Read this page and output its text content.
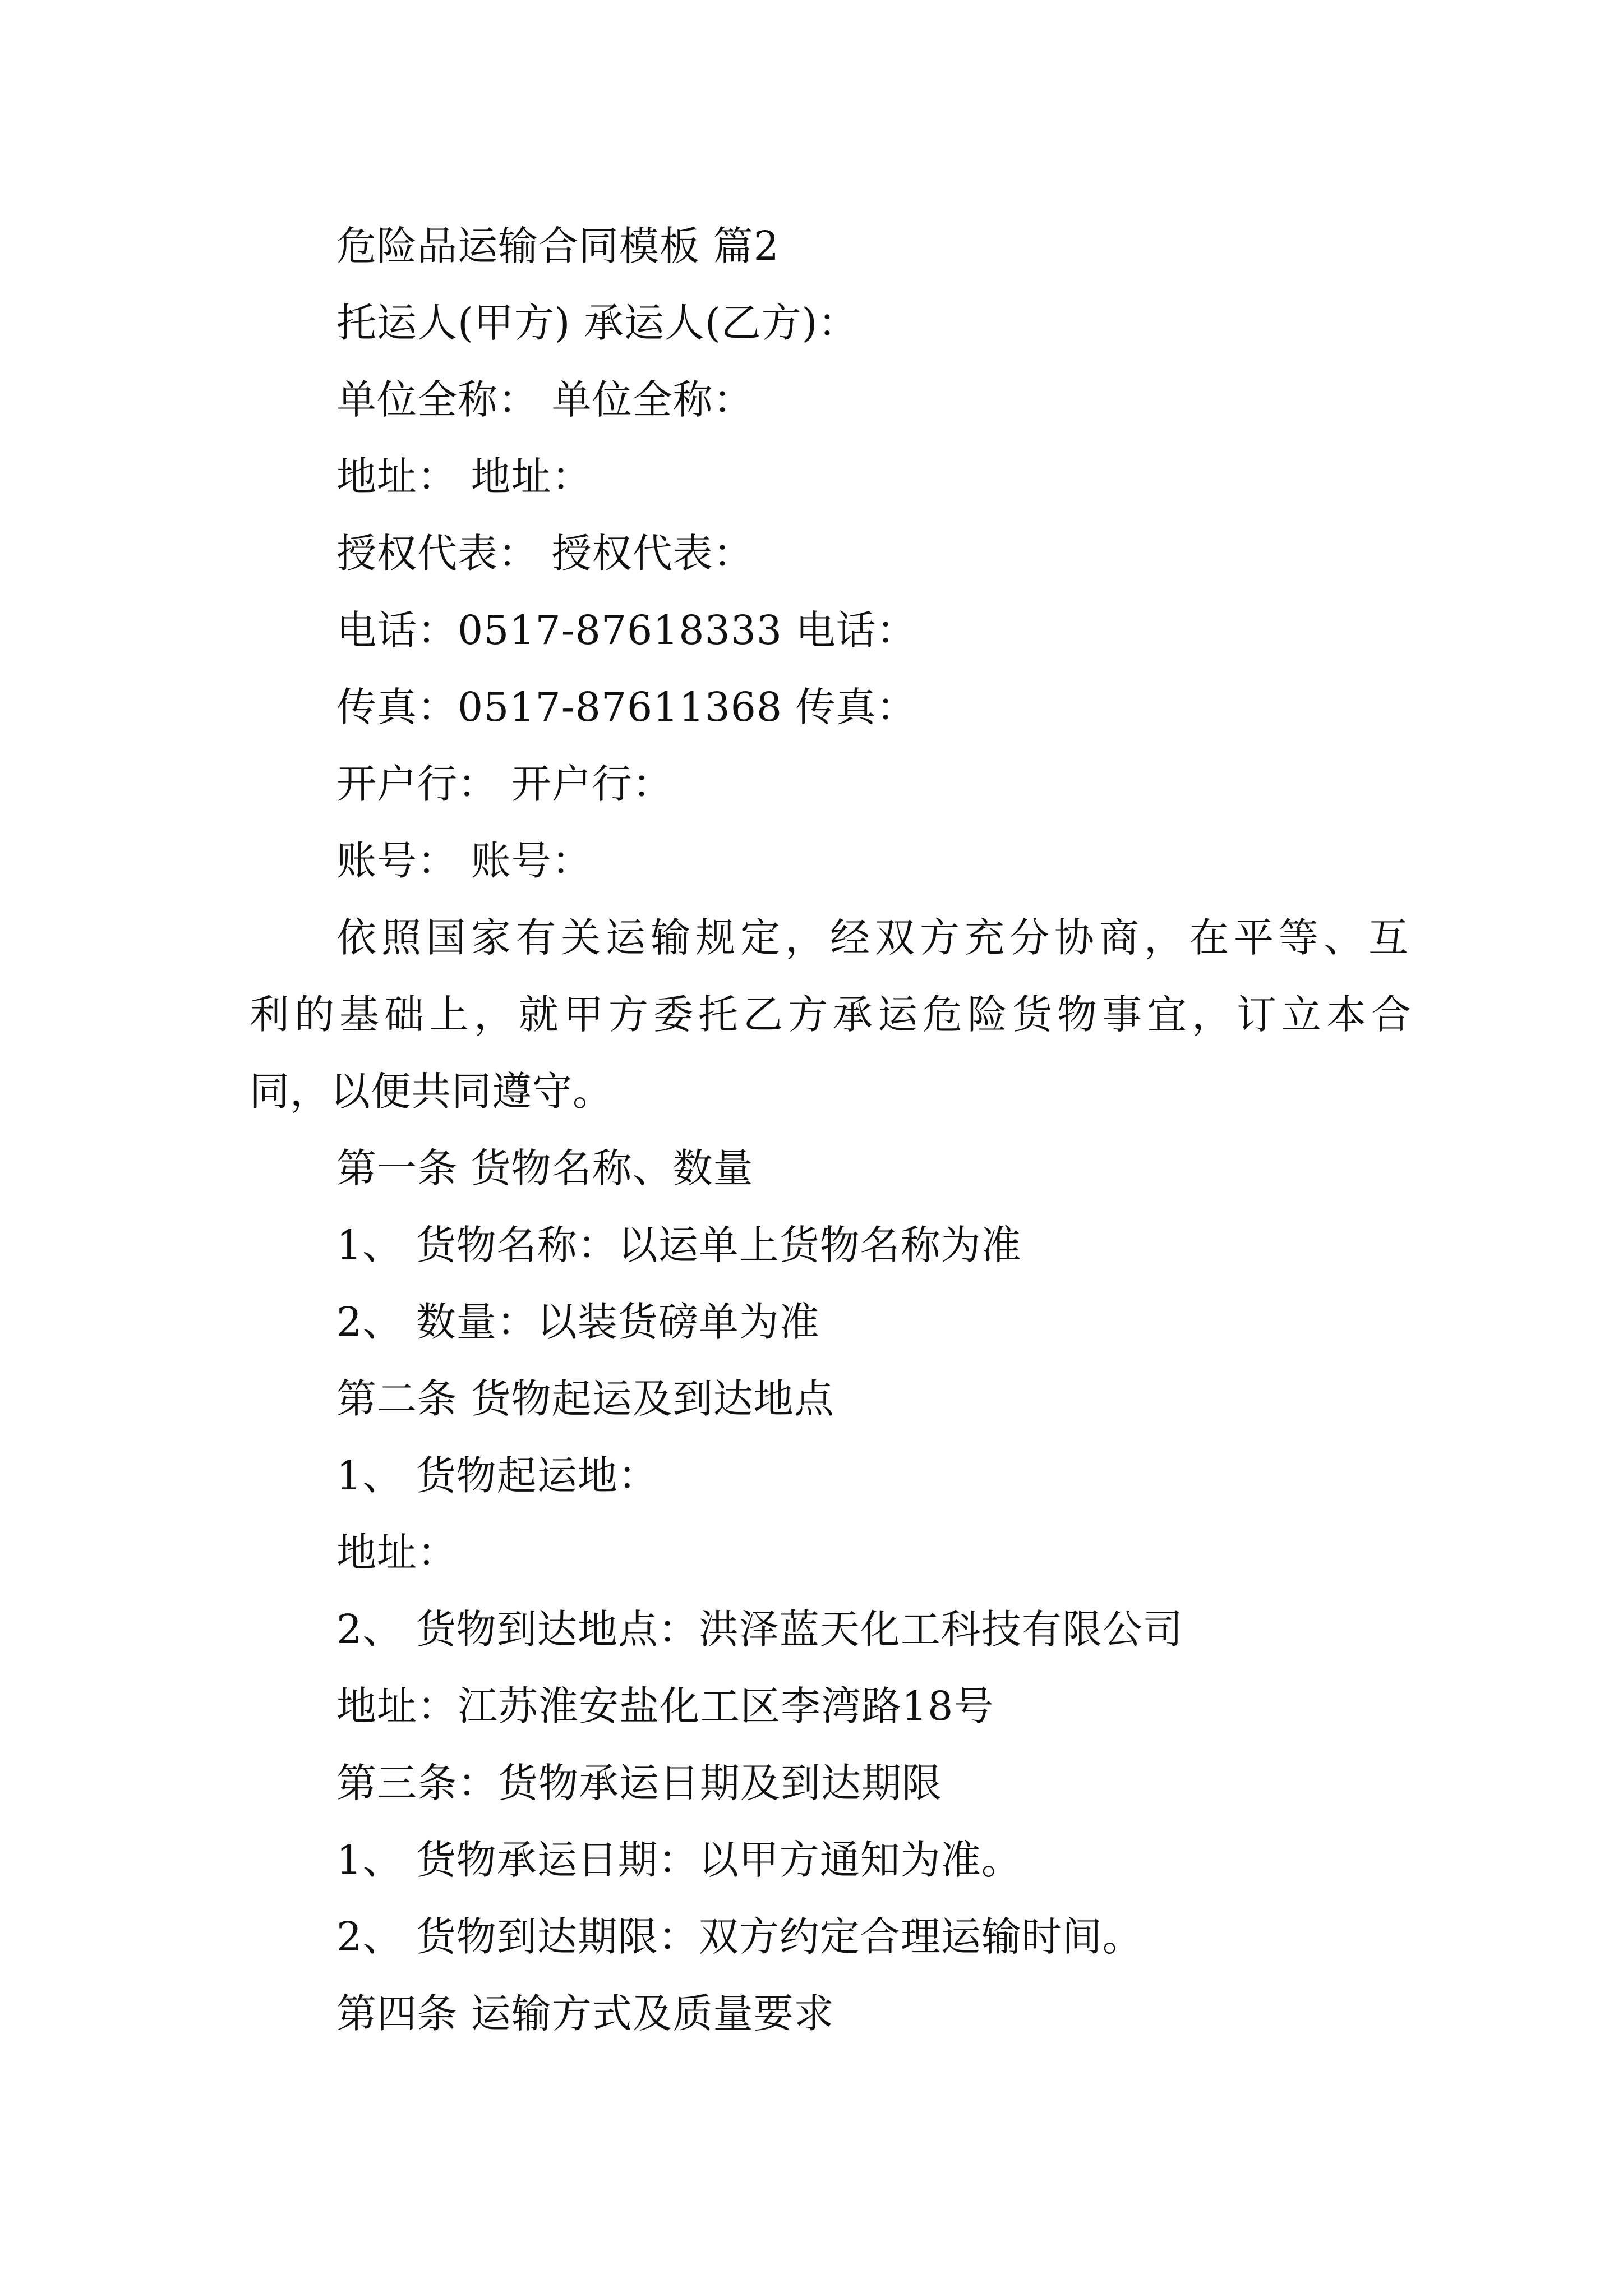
危险品运输合同模板 篇2
托运人(甲方) 承运人(乙方)：
单位全称： 单位全称：
地址： 地址：
授权代表： 授权代表：
电话：0517-87618333 电话：
传真：0517-87611368 传真：
开户行： 开户行：
账号： 账号：
依照国家有关运输规定，经双方充分协商，在平等、互
利的基础上，就甲方委托乙方承运危险货物事宜，订立本合
同，以便共同遵守。
第一条 货物名称、数量
1、 货物名称：以运单上货物名称为准
2、 数量：以装货磅单为准
第二条 货物起运及到达地点
1、 货物起运地：
地址：
2、 货物到达地点：洪泽蓝天化工科技有限公司
地址：江苏淮安盐化工区李湾路18号
第三条：货物承运日期及到达期限
1、 货物承运日期：以甲方通知为准。
2、 货物到达期限：双方约定合理运输时间。
第四条 运输方式及质量要求
